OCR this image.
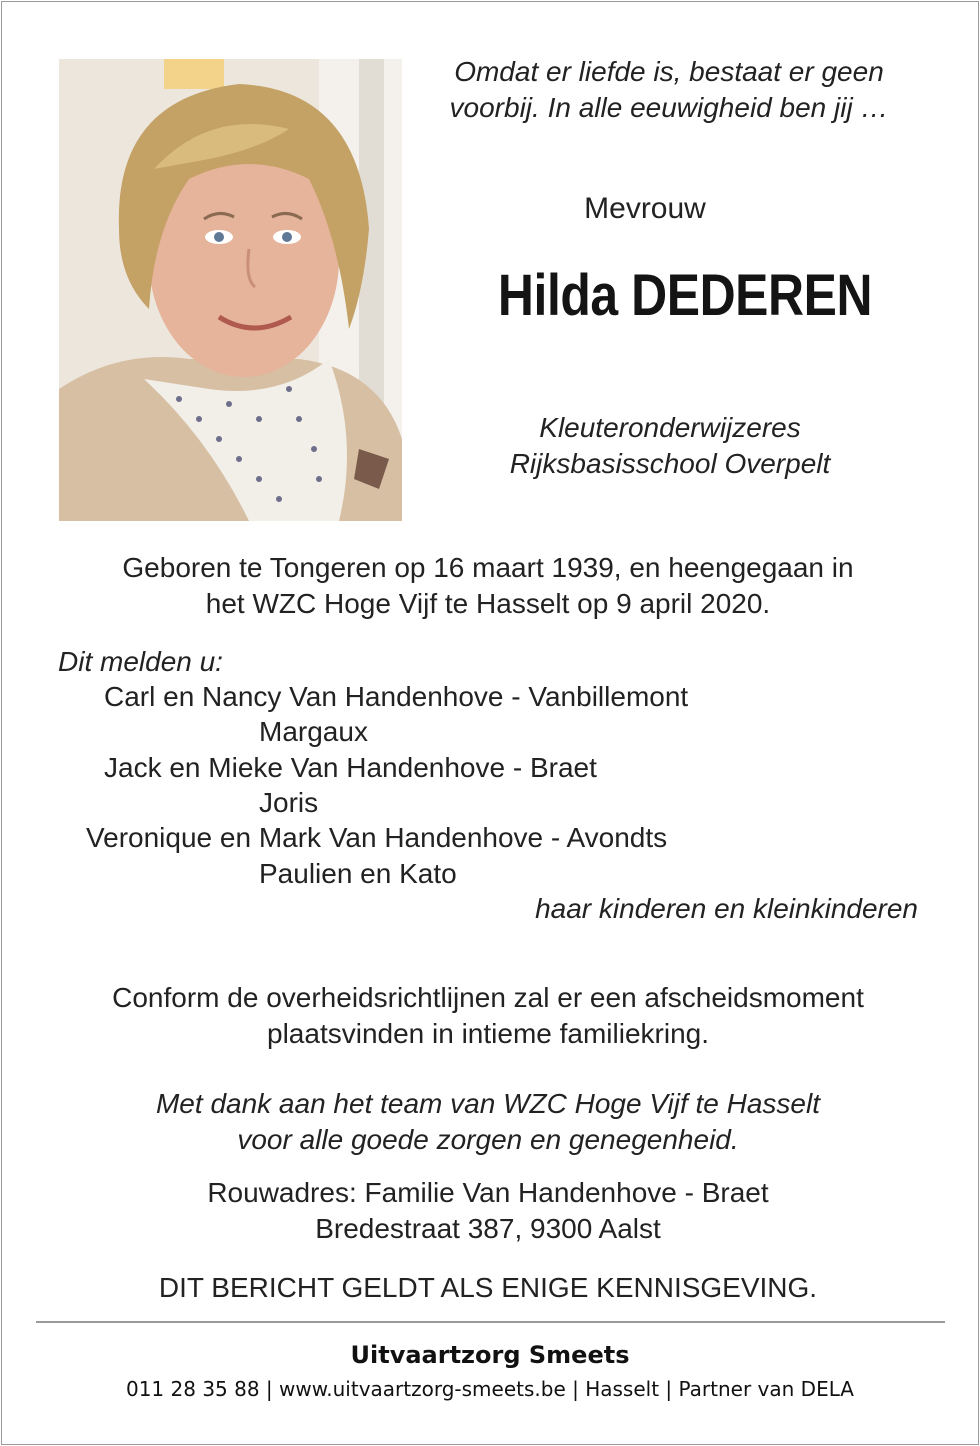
Omdat er liefde is, bestaat er geen
voorbij. In alle eeuwigheid ben jij …

Mevrouw

Hilda DEDEREN

Kleuteronderwijzeres
Rijksbasisschool Overpelt

Geboren te Tongeren op 16 maart 1939, en heengegaan in
het WZC Hoge Vijf te Hasselt op 9 april 2020.

Dit melden u:

Carl en Nancy Van Handenhove - Vanbillemont

Margaux

Jack en Mieke Van Handenhove - Braet

Joris

Veronique en Mark Van Handenhove - Avondts

Paulien en Kato

haar kinderen en kleinkinderen

Conform de overheidsrichtlijnen zal er een afscheidsmoment
plaatsvinden in intieme familiekring.

Met dank aan het team van WZC Hoge Vijf te Hasselt
voor alle goede zorgen en genegenheid.

Rouwadres: Familie Van Handenhove - Braet
Bredestraat 387, 9300 Aalst

DIT BERICHT GELDT ALS ENIGE KENNISGEVING.

Uitvaartzorg Smeets

011 28 35 88 | www.uitvaartzorg-smeets.be | Hasselt | Partner van DELA
